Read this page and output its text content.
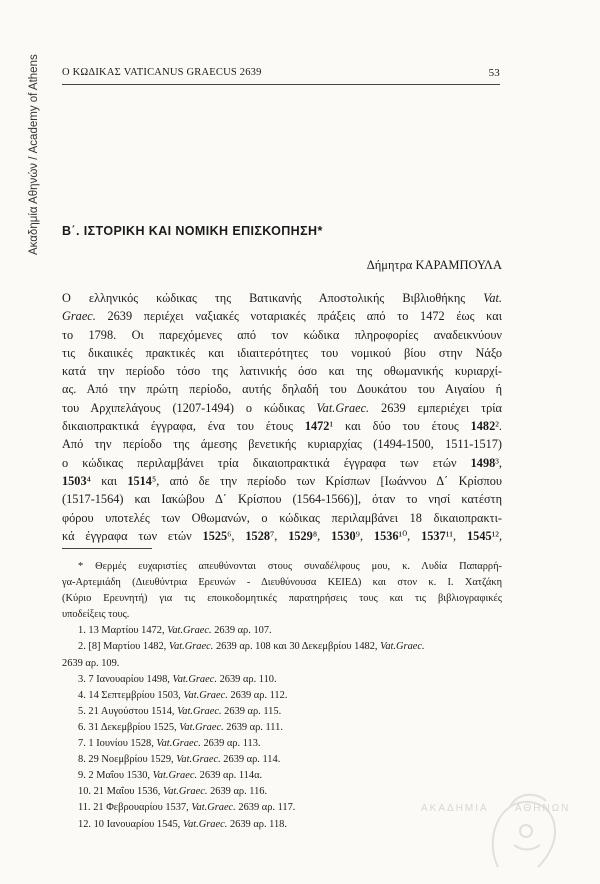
Ακαδημία Αθηνών / Academy of Athens	Ο ΚΩΔΙΚΑΣ VATICANUS GRAECUS 2639	53
Β΄. ΙΣΤΟΡΙΚΗ ΚΑΙ ΝΟΜΙΚΗ ΕΠΙΣΚΟΠΗΣΗ*
Δήμητρα ΚΑΡΑΜΠΟΥΛΑ
Ο ελληνικός κώδικας της Βατικανής Αποστολικής Βιβλιοθήκης Vat.
Graec. 2639 περιέχει ναξιακές νοταριακές πράξεις από το 1472 έως και
το 1798. Οι παρεχόμενες από τον κώδικα πληροφορίες αναδεικνύουν
τις δικαιικές πρακτικές και ιδιαιτερότητες του νομικού βίου στην Νάξο
κατά την περίοδο τόσο της λατινικής όσο και της οθωμανικής κυριαρχί-
ας. Από την πρώτη περίοδο, αυτής δηλαδή του Δουκάτου του Αιγαίου ή
του Αρχιπελάγους (1207-1494) ο κώδικας Vat.Graec. 2639 εμπεριέχει τρία
δικαιοπρακτικά έγγραφα, ένα του έτους 1472¹ και δύο του έτους 1482².
Από την περίοδο της άμεσης βενετικής κυριαρχίας (1494-1500, 1511-1517)
ο κώδικας περιλαμβάνει τρία δικαιοπρακτικά έγγραφα των ετών 1498³,
1503⁴ και 1514⁵, από δε την περίοδο των Κρίσπων [Ιωάννου Δ΄ Κρίσπου
(1517-1564) και Ιακώβου Δ΄ Κρίσπου (1564-1566)], όταν το νησί κατέστη
φόρου υποτελές των Οθωμανών, ο κώδικας περιλαμβάνει 18 δικαιοπρακτι-
κά έγγραφα των ετών 1525⁶, 1528⁷, 1529⁸, 1530⁹, 1536¹⁰, 1537¹¹, 1545¹²,
* Θερμές ευχαριστίες απευθύνονται στους συναδέλφους μου, κ. Λυδία Παπαρρή-
γα-Αρτεμιάδη (Διευθύντρια Ερευνών - Διευθύνουσα ΚΕΙΕΔ) και στον κ. Ι. Χατζάκη
(Κύριο Ερευνητή) για τις εποικοδομητικές παρατηρήσεις τους και τις βιβλιογραφικές
υποδείξεις τους.
1. 13 Μαρτίου 1472, Vat.Graec. 2639 αρ. 107.
2. [8] Μαρτίου 1482, Vat.Graec. 2639 αρ. 108 και 30 Δεκεμβρίου 1482, Vat.Graec.
2639 αρ. 109.
3. 7 Ιανουαρίου 1498, Vat.Graec. 2639 αρ. 110.
4. 14 Σεπτεμβρίου 1503, Vat.Graec. 2639 αρ. 112.
5. 21 Αυγούστου 1514, Vat.Graec. 2639 αρ. 115.
6. 31 Δεκεμβρίου 1525, Vat.Graec. 2639 αρ. 111.
7. 1 Ιουνίου 1528, Vat.Graec. 2639 αρ. 113.
8. 29 Νοεμβρίου 1529, Vat.Graec. 2639 αρ. 114.
9. 2 Μαΐου 1530, Vat.Graec. 2639 αρ. 114α.
10. 21 Μαΐου 1536, Vat.Graec. 2639 αρ. 116.
11. 21 Φεβρουαρίου 1537, Vat.Graec. 2639 αρ. 117.
12. 10 Ιανουαρίου 1545, Vat.Graec. 2639 αρ. 118.
ΑΚΑΔΗΜΙΑ	ΑΘΗΝΩΝ
